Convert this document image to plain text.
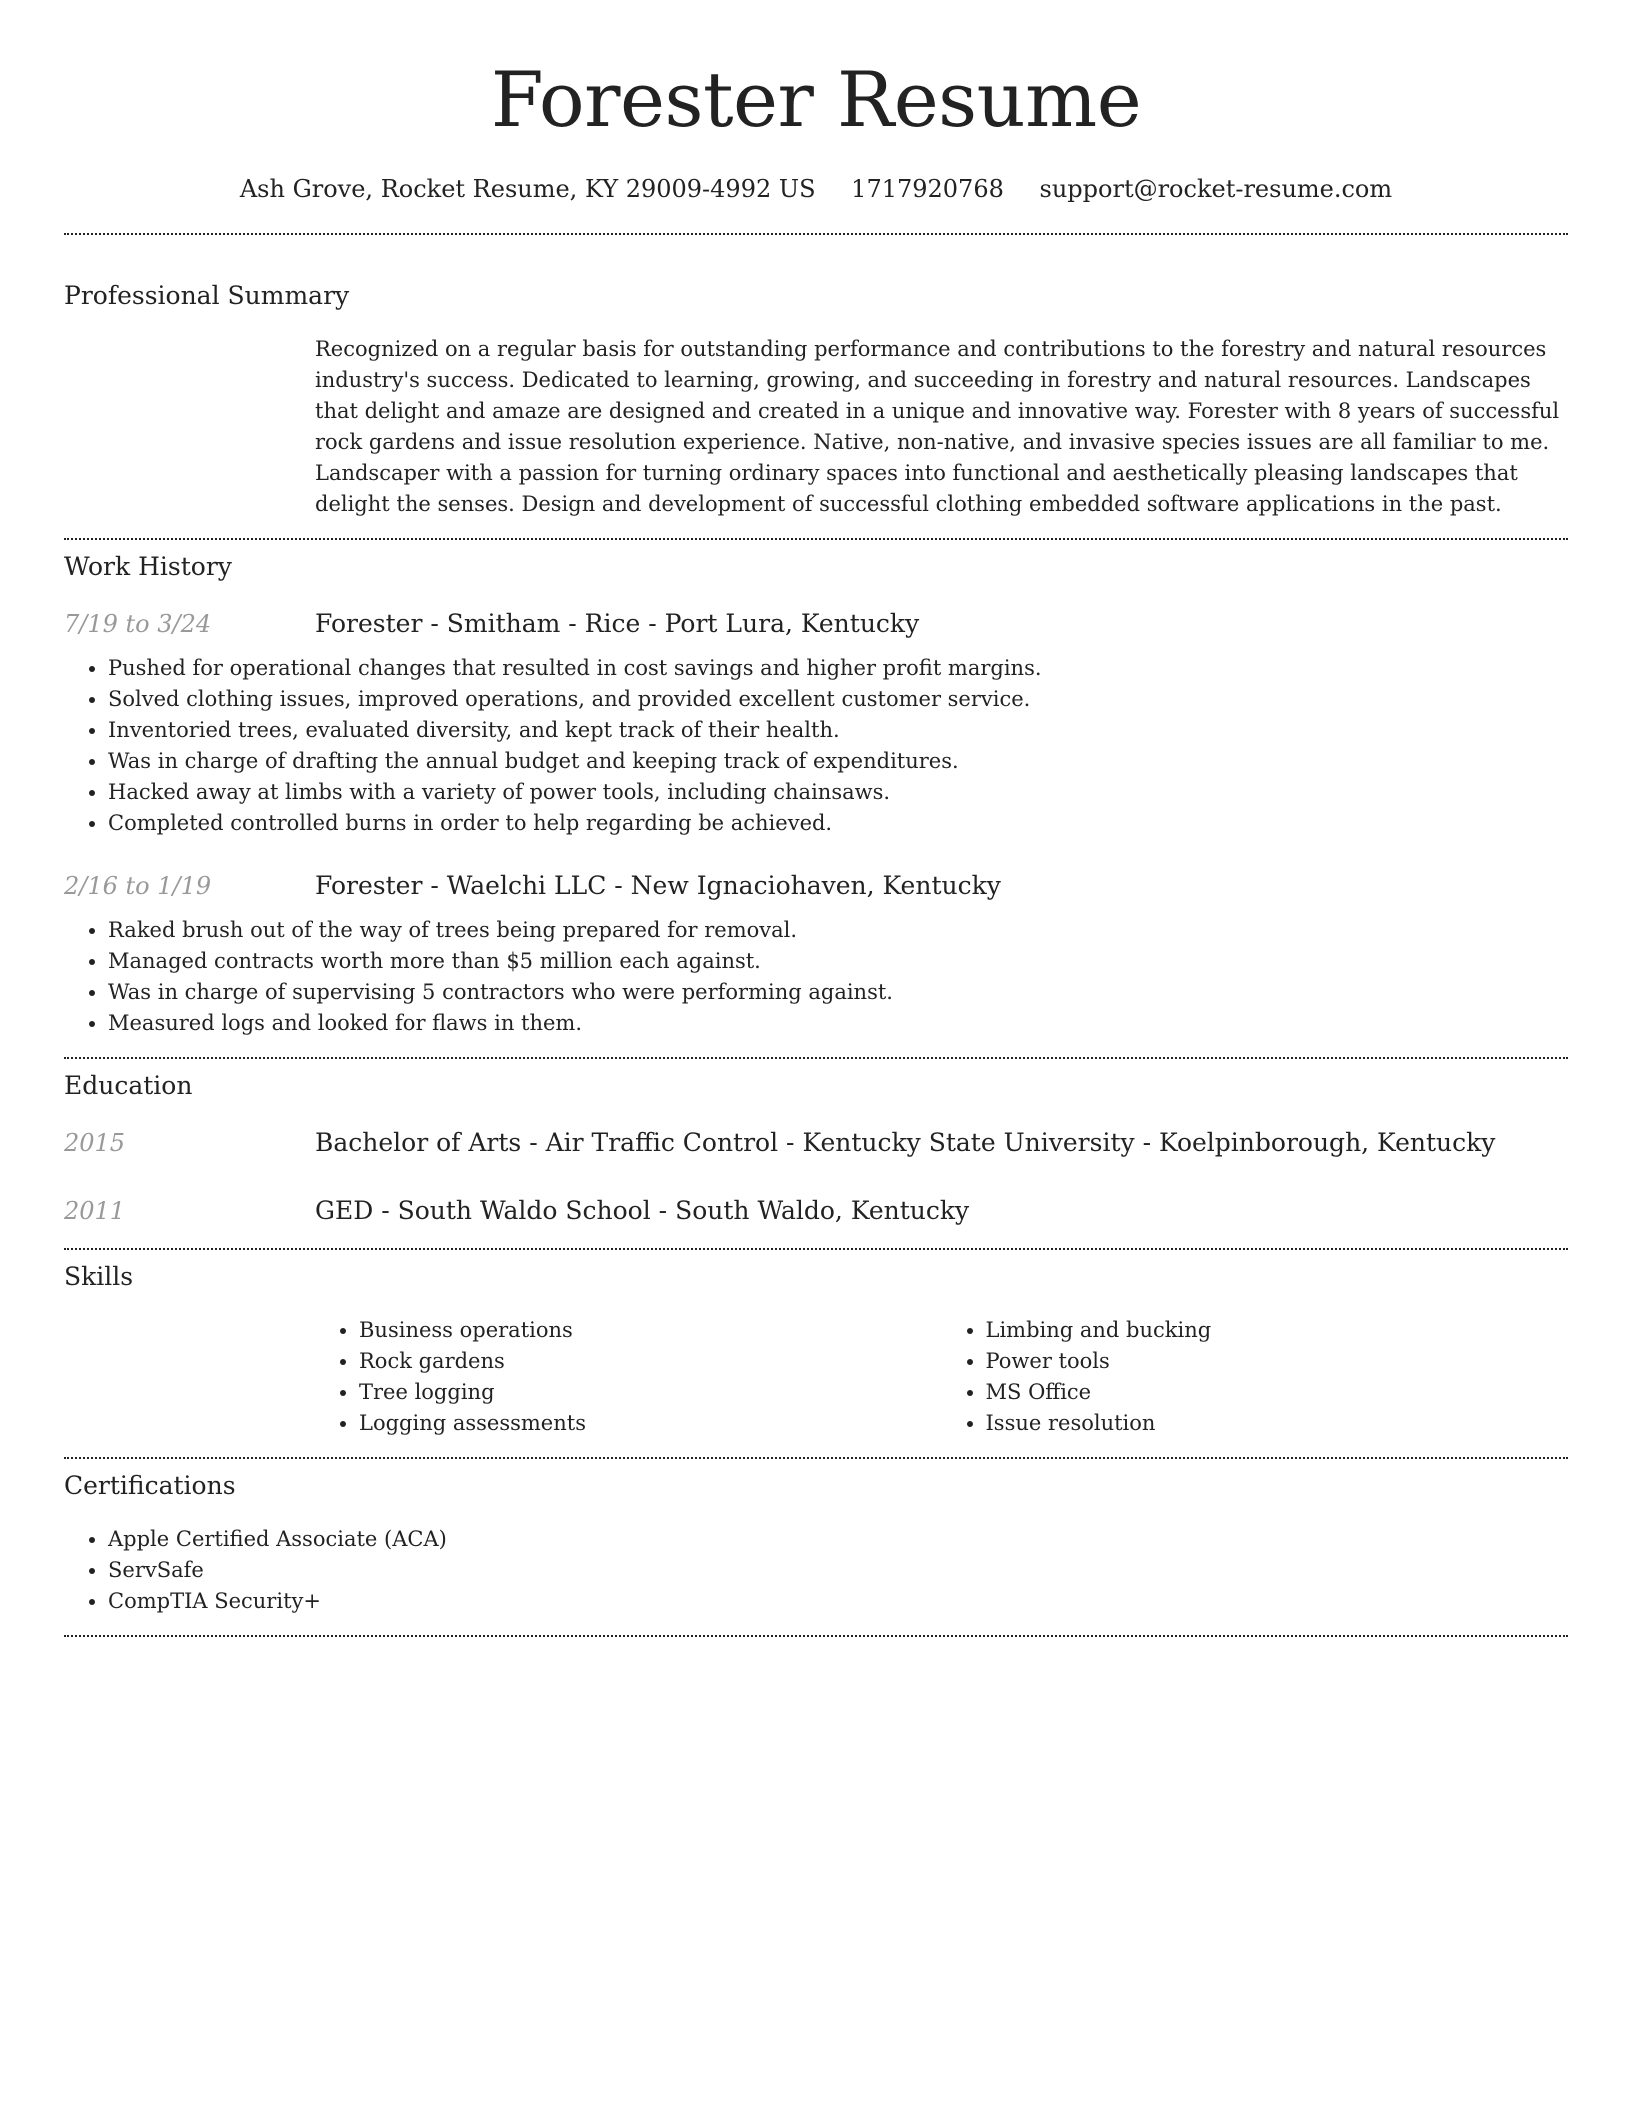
Forester Resume
Ash Grove, Rocket Resume, KY 29009-4992 US 1717920768 support@rocket-resume.com
Professional Summary
Recognized on a regular basis for outstanding performance and contributions to the forestry and natural resources industry's success. Dedicated to learning, growing, and succeeding in forestry and natural resources. Landscapes that delight and amaze are designed and created in a unique and innovative way. Forester with 8 years of successful rock gardens and issue resolution experience. Native, non-native, and invasive species issues are all familiar to me. Landscaper with a passion for turning ordinary spaces into functional and aesthetically pleasing landscapes that delight the senses. Design and development of successful clothing embedded software applications in the past.
Work History
7/19 to 3/24	Forester - Smitham - Rice - Port Lura, Kentucky
• Pushed for operational changes that resulted in cost savings and higher profit margins.
• Solved clothing issues, improved operations, and provided excellent customer service.
• Inventoried trees, evaluated diversity, and kept track of their health.
• Was in charge of drafting the annual budget and keeping track of expenditures.
• Hacked away at limbs with a variety of power tools, including chainsaws.
• Completed controlled burns in order to help regarding be achieved.
2/16 to 1/19	Forester - Waelchi LLC - New Ignaciohaven, Kentucky
• Raked brush out of the way of trees being prepared for removal.
• Managed contracts worth more than $5 million each against.
• Was in charge of supervising 5 contractors who were performing against.
• Measured logs and looked for flaws in them.
Education
2015	Bachelor of Arts - Air Traffic Control - Kentucky State University - Koelpinborough, Kentucky
2011	GED - South Waldo School - South Waldo, Kentucky
Skills
• Business operations
• Rock gardens
• Tree logging
• Logging assessments
• Limbing and bucking
• Power tools
• MS Office
• Issue resolution
Certifications
• Apple Certified Associate (ACA)
• ServSafe
• CompTIA Security+
